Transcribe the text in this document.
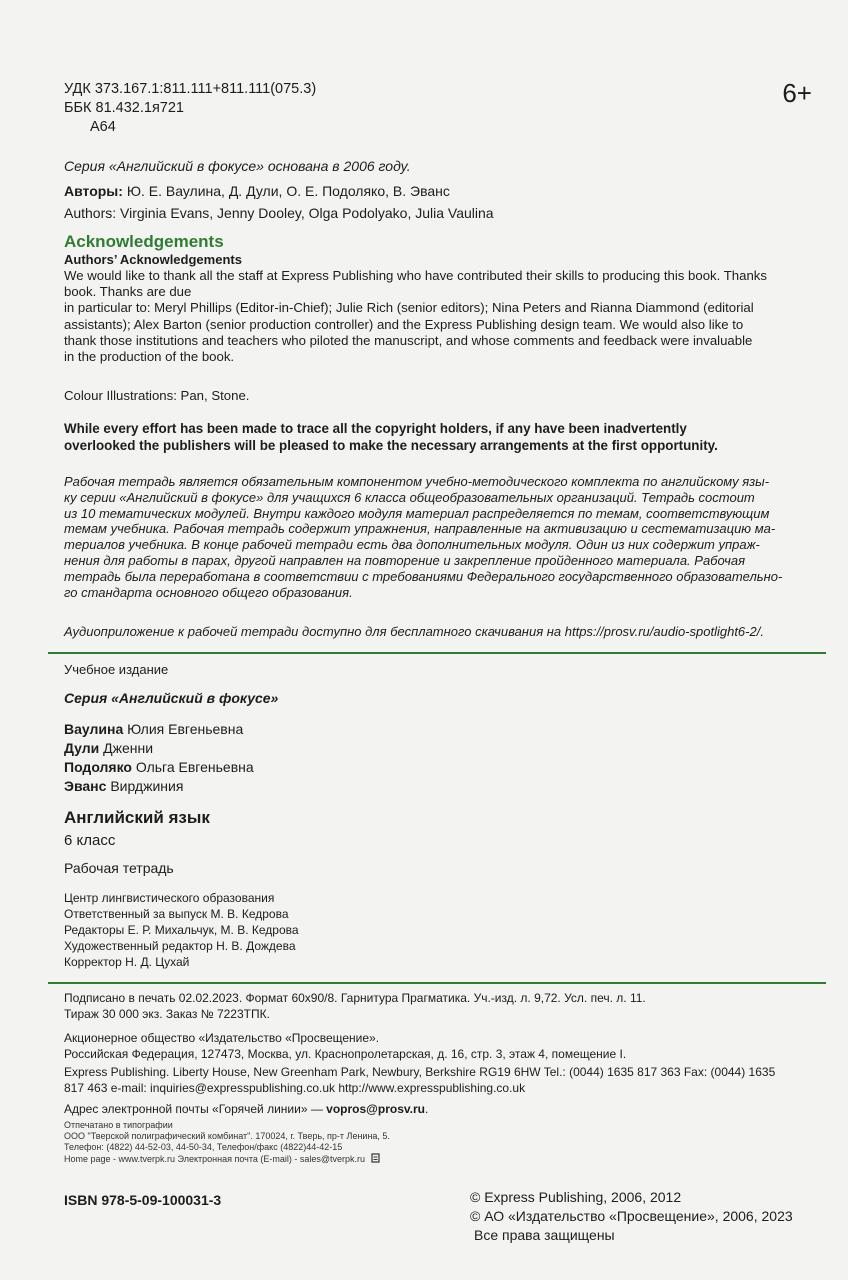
УДК 373.167.1:811.111+811.111(075.3)
ББК 81.432.1я721
А64
6+
Серия «Английский в фокусе» основана в 2006 году.
Авторы: Ю. Е. Ваулина, Д. Дули, О. Е. Подоляко, В. Эванс
Authors: Virginia Evans, Jenny Dooley, Olga Podolyako, Julia Vaulina
Acknowledgements
Authors’ Acknowledgements

We would like to thank all the staff at Express Publishing who have contributed their skills to producing this book. Thanks

book. Thanks are due

in particular to: Meryl Phillips (Editor-in-Chief); Julie Rich (senior editors); Nina Peters and Rianna Diammond (editorial

assistants); Alex Barton (senior production controller) and the Express Publishing design team. We would also like to

thank those institutions and teachers who piloted the manuscript, and whose comments and feedback were invaluable

in the production of the book.

Colour Illustrations: Pan, Stone.
While every effort has been made to trace all the copyright holders, if any have been inadvertently
overlooked the publishers will be pleased to make the necessary arrangements at the first opportunity.
Рабочая тетрадь является обязательным компонентом учебно-методического комплекта по английскому язы-
ку серии «Английский в фокусе» для учащихся 6 класса общеобразовательных организаций. Тетрадь состоит
из 10 тематических модулей. Внутри каждого модуля материал распределяется по темам, соответствующим
темам учебника. Рабочая тетрадь содержит упражнения, направленные на активизацию и сестематизацию ма-
териалов учебника. В конце рабочей тетради есть два дополнительных модуля. Один из них содержит упраж-
нения для работы в парах, другой направлен на повторение и закрепление пройденного материала. Рабочая
тетрадь была переработана в соответствии с требованиями Федерального государственного образовательно-
го стандарта основного общего образования.
Аудиоприложение к рабочей тетради доступно для бесплатного скачивания на https://prosv.ru/audio-spotlight6-2/.
Учебное издание
Серия «Английский в фокусе»
Ваулина Юлия Евгеньевна
Дули Дженни
Подоляко Ольга Евгеньевна
Эванс Вирджиния
Английский язык
6 класс
Рабочая тетрадь
Центр лингвистического образования
Ответственный за выпуск М. В. Кедрова
Редакторы Е. Р. Михальчук, М. В. Кедрова
Художественный редактор Н. В. Дождева
Корректор Н. Д. Цухай
Подписано в печать 02.02.2023. Формат 60x90/8. Гарнитура Прагматика. Уч.-изд. л. 9,72. Усл. печ. л. 11.
Тираж 30 000 экз. Заказ № 7223ТПК.
Акционерное общество «Издательство «Просвещение».
Российская Федерация, 127473, Москва, ул. Краснопролетарская, д. 16, стр. 3, этаж 4, помещение I.
Express Publishing. Liberty House, New Greenham Park, Newbury, Berkshire RG19 6HW Tel.: (0044) 1635 817 363 Fax: (0044) 1635
817 463 e-mail: inquiries@expresspublishing.co.uk http://www.expresspublishing.co.uk
Адрес электронной почты «Горячей линии» — vopros@prosv.ru.
Отпечатано в типографии
ООО "Тверской полиграфический комбинат". 170024, г. Тверь, пр-т Ленина, 5.
Телефон: (4822) 44-52-03, 44-50-34, Телефон/факс (4822)44-42-15
Home page - www.tverpk.ru Электронная почта (E-mail) - sales@tverpk.ru
ISBN 978-5-09-100031-3	© Express Publishing, 2006, 2012
© АО «Издательство «Просвещение», 2006, 2023
Все права защищены
